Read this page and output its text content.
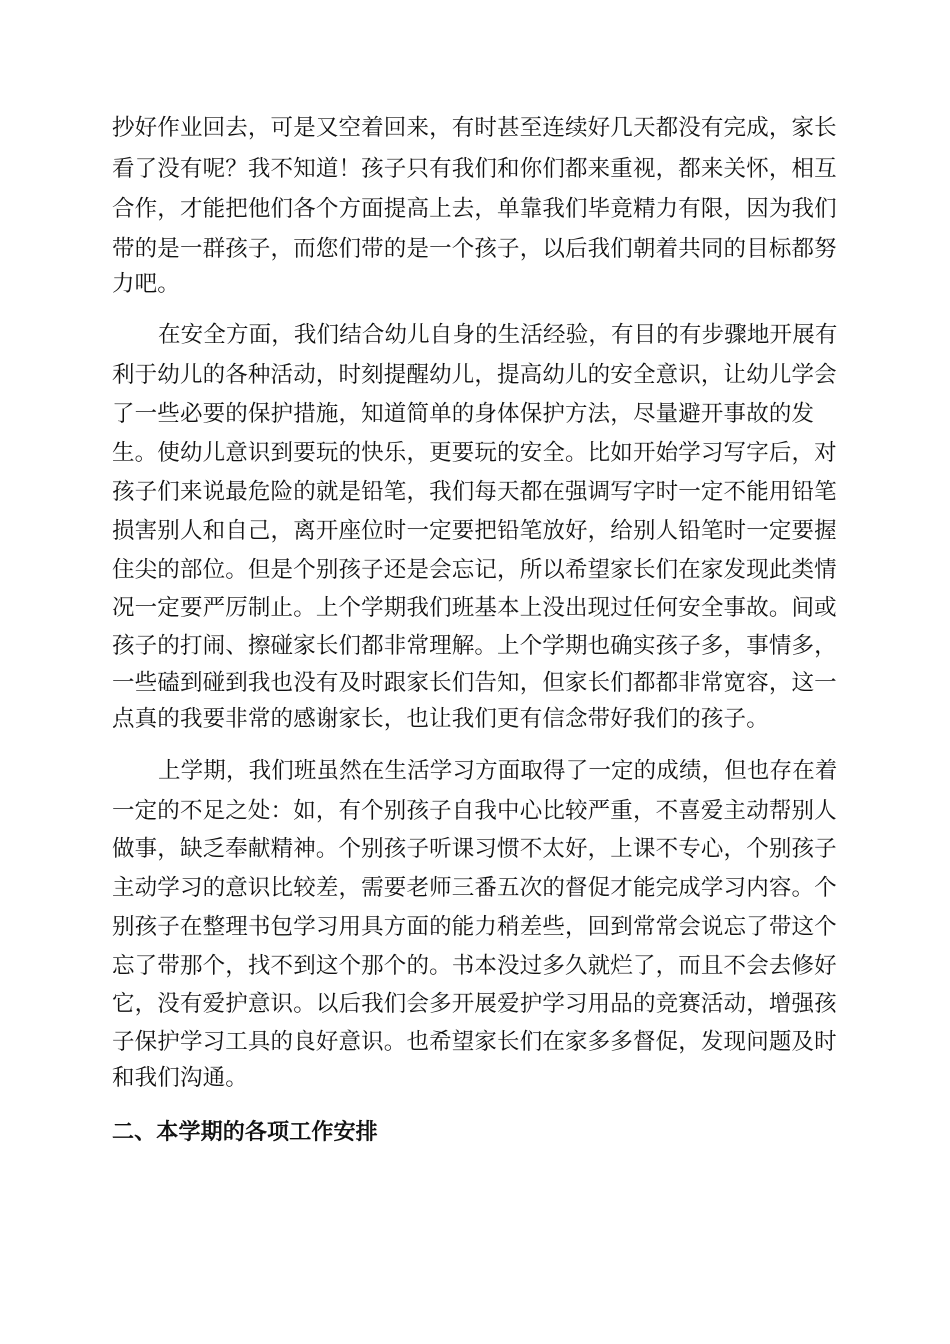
抄好作业回去，可是又空着回来，有时甚至连续好几天都没有完成，家长
看了没有呢？我不知道！孩子只有我们和你们都来重视，都来关怀，相互
合作，才能把他们各个方面提高上去，单靠我们毕竟精力有限，因为我们
带的是一群孩子，而您们带的是一个孩子，以后我们朝着共同的目标都努
力吧。
在安全方面，我们结合幼儿自身的生活经验，有目的有步骤地开展有
利于幼儿的各种活动，时刻提醒幼儿，提高幼儿的安全意识，让幼儿学会
了一些必要的保护措施，知道简单的身体保护方法，尽量避开事故的发
生。使幼儿意识到要玩的快乐，更要玩的安全。比如开始学习写字后，对
孩子们来说最危险的就是铅笔，我们每天都在强调写字时一定不能用铅笔
损害别人和自己，离开座位时一定要把铅笔放好，给别人铅笔时一定要握
住尖的部位。但是个别孩子还是会忘记，所以希望家长们在家发现此类情
况一定要严厉制止。上个学期我们班基本上没出现过任何安全事故。间或
孩子的打闹、擦碰家长们都非常理解。上个学期也确实孩子多，事情多，
一些磕到碰到我也没有及时跟家长们告知，但家长们都都非常宽容，这一
点真的我要非常的感谢家长，也让我们更有信念带好我们的孩子。
上学期，我们班虽然在生活学习方面取得了一定的成绩，但也存在着
一定的不足之处：如，有个别孩子自我中心比较严重，不喜爱主动帮别人
做事，缺乏奉献精神。个别孩子听课习惯不太好，上课不专心，个别孩子
主动学习的意识比较差，需要老师三番五次的督促才能完成学习内容。个
别孩子在整理书包学习用具方面的能力稍差些，回到常常会说忘了带这个
忘了带那个，找不到这个那个的。书本没过多久就烂了，而且不会去修好
它，没有爱护意识。以后我们会多开展爱护学习用品的竞赛活动，增强孩
子保护学习工具的良好意识。也希望家长们在家多多督促，发现问题及时
和我们沟通。
二、本学期的各项工作安排
